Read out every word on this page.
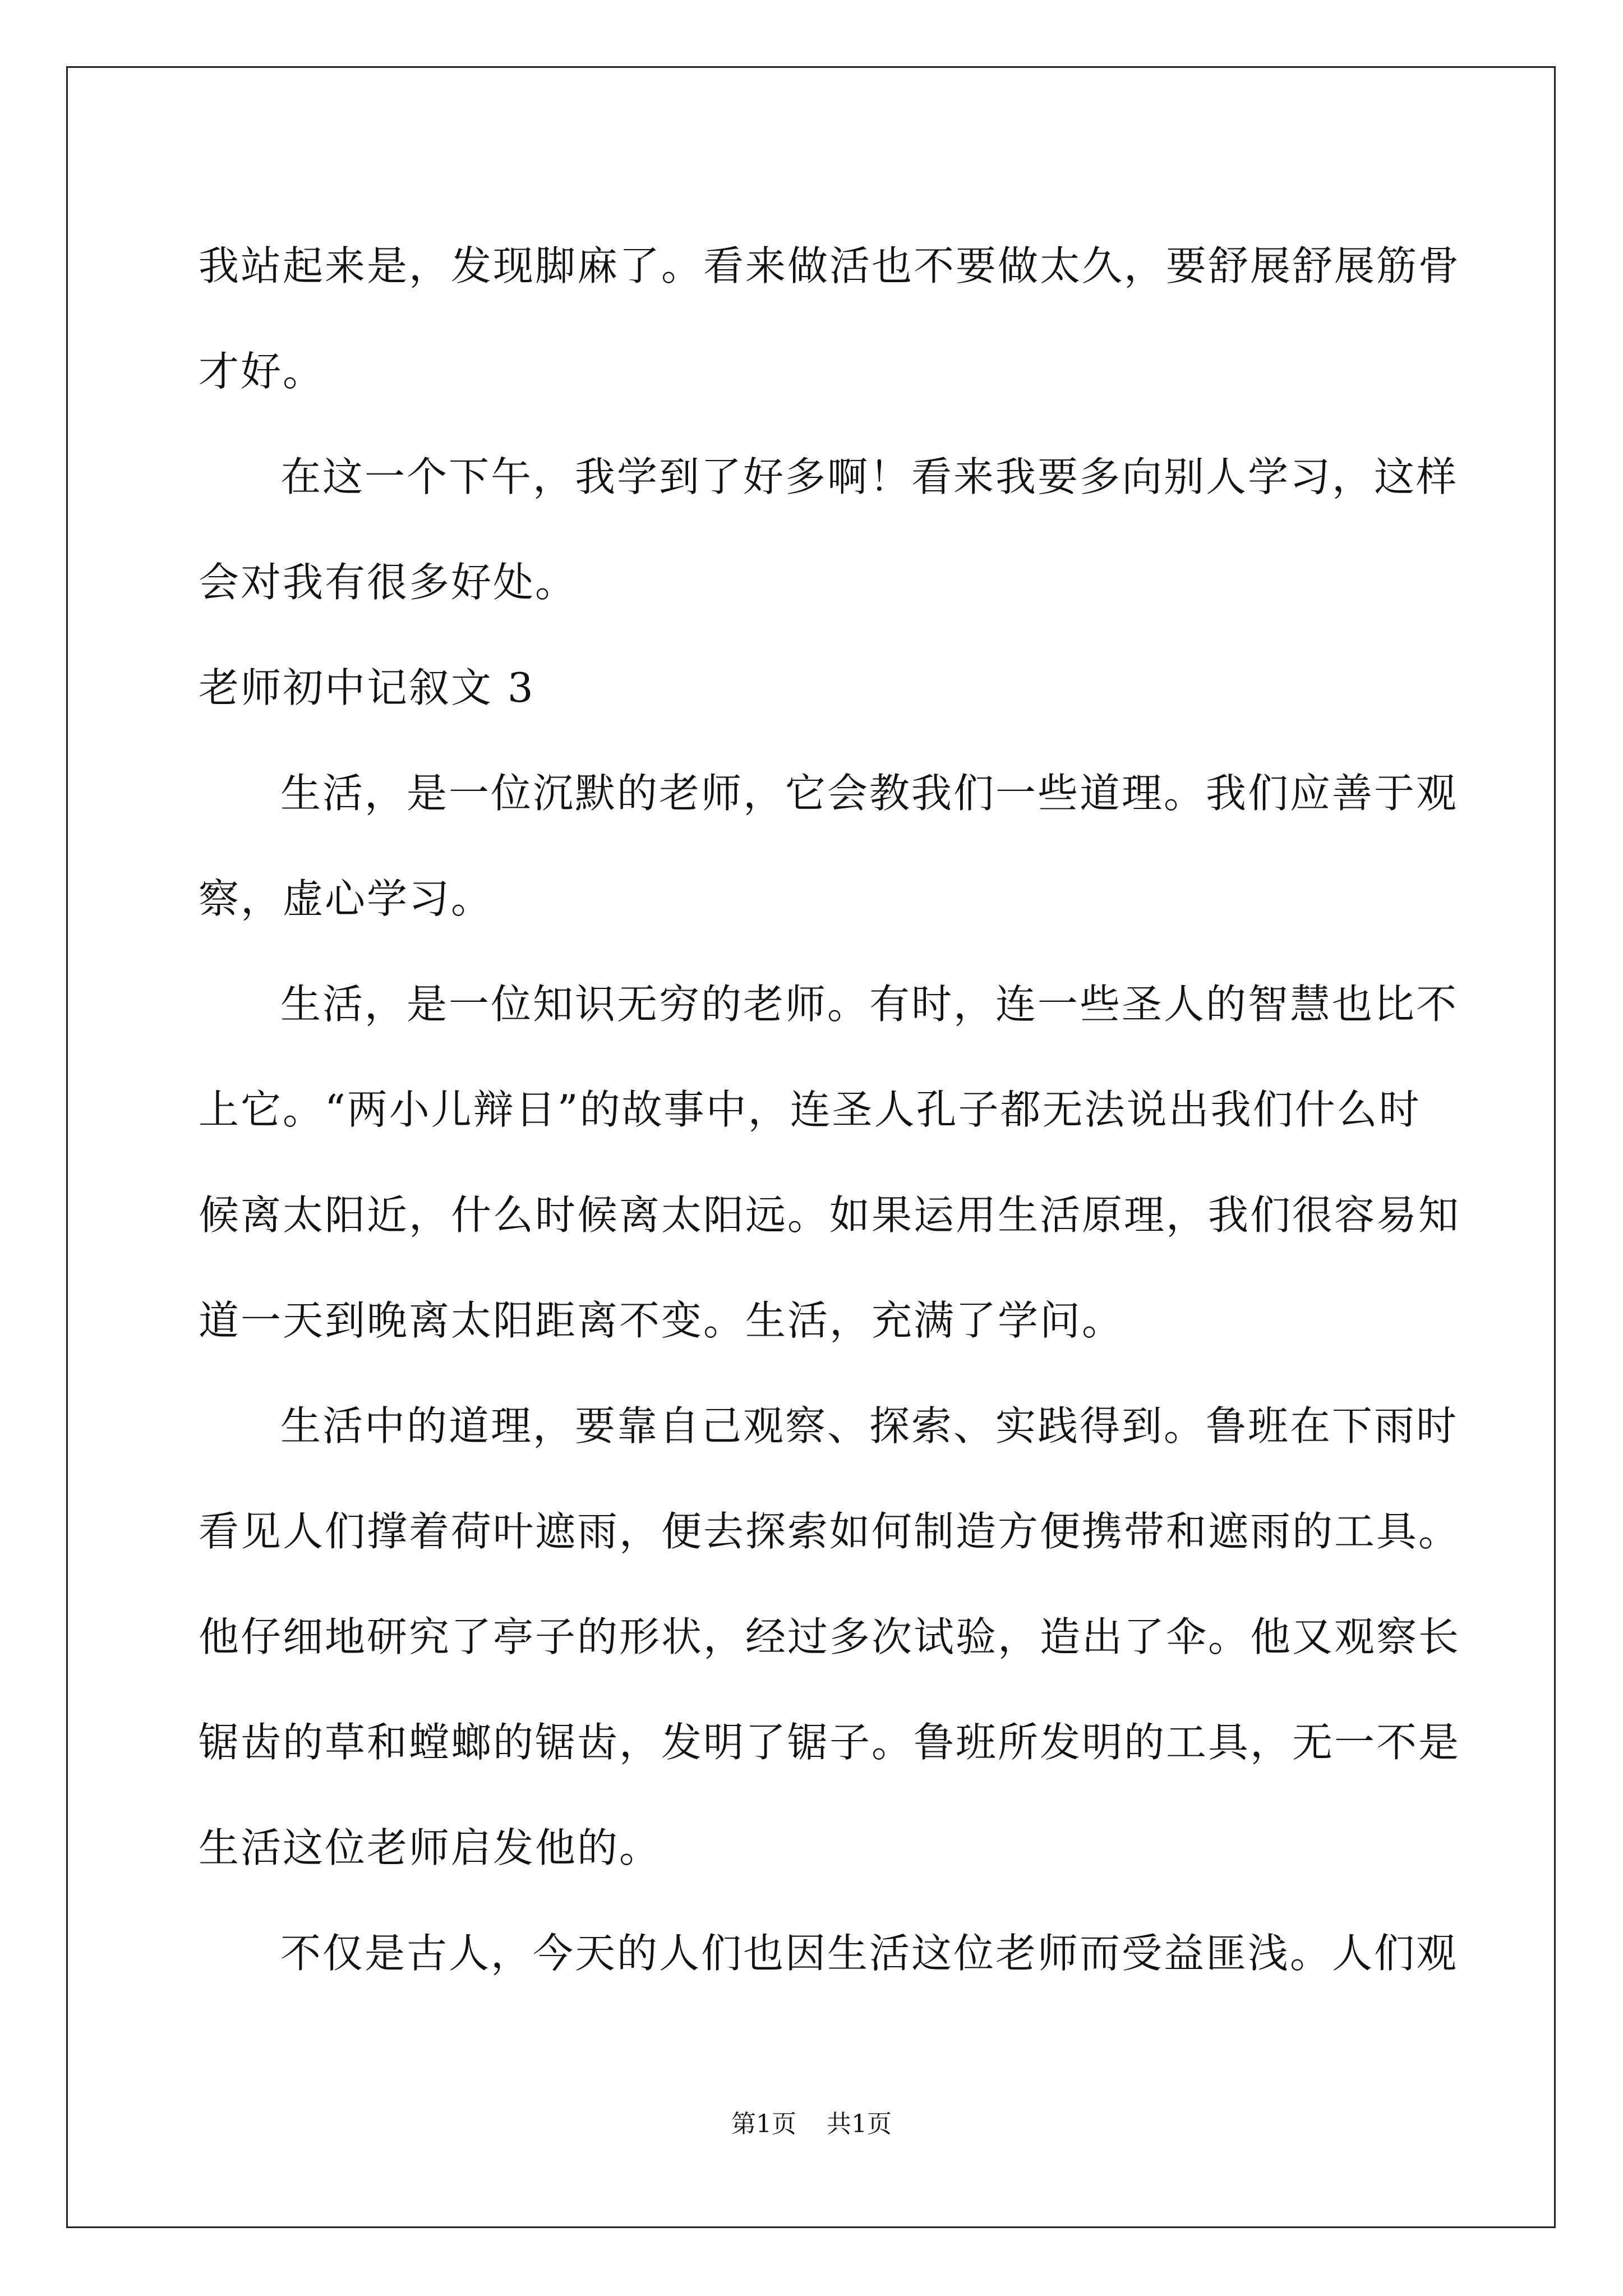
我站起来是，发现脚麻了。看来做活也不要做太久，要舒展舒展筋骨
才好。
在这一个下午，我学到了好多啊！看来我要多向别人学习，这样
会对我有很多好处。
老师初中记叙文 3
生活，是一位沉默的老师，它会教我们一些道理。我们应善于观
察，虚心学习。
生活，是一位知识无穷的老师。有时，连一些圣人的智慧也比不
上它。“两小儿辩日”的故事中，连圣人孔子都无法说出我们什么时
候离太阳近，什么时候离太阳远。如果运用生活原理，我们很容易知
道一天到晚离太阳距离不变。生活，充满了学问。
生活中的道理，要靠自己观察、探索、实践得到。鲁班在下雨时
看见人们撑着荷叶遮雨，便去探索如何制造方便携带和遮雨的工具。
他仔细地研究了亭子的形状，经过多次试验，造出了伞。他又观察长
锯齿的草和螳螂的锯齿，发明了锯子。鲁班所发明的工具，无一不是
生活这位老师启发他的。
不仅是古人，今天的人们也因生活这位老师而受益匪浅。人们观
第1页 共1页
